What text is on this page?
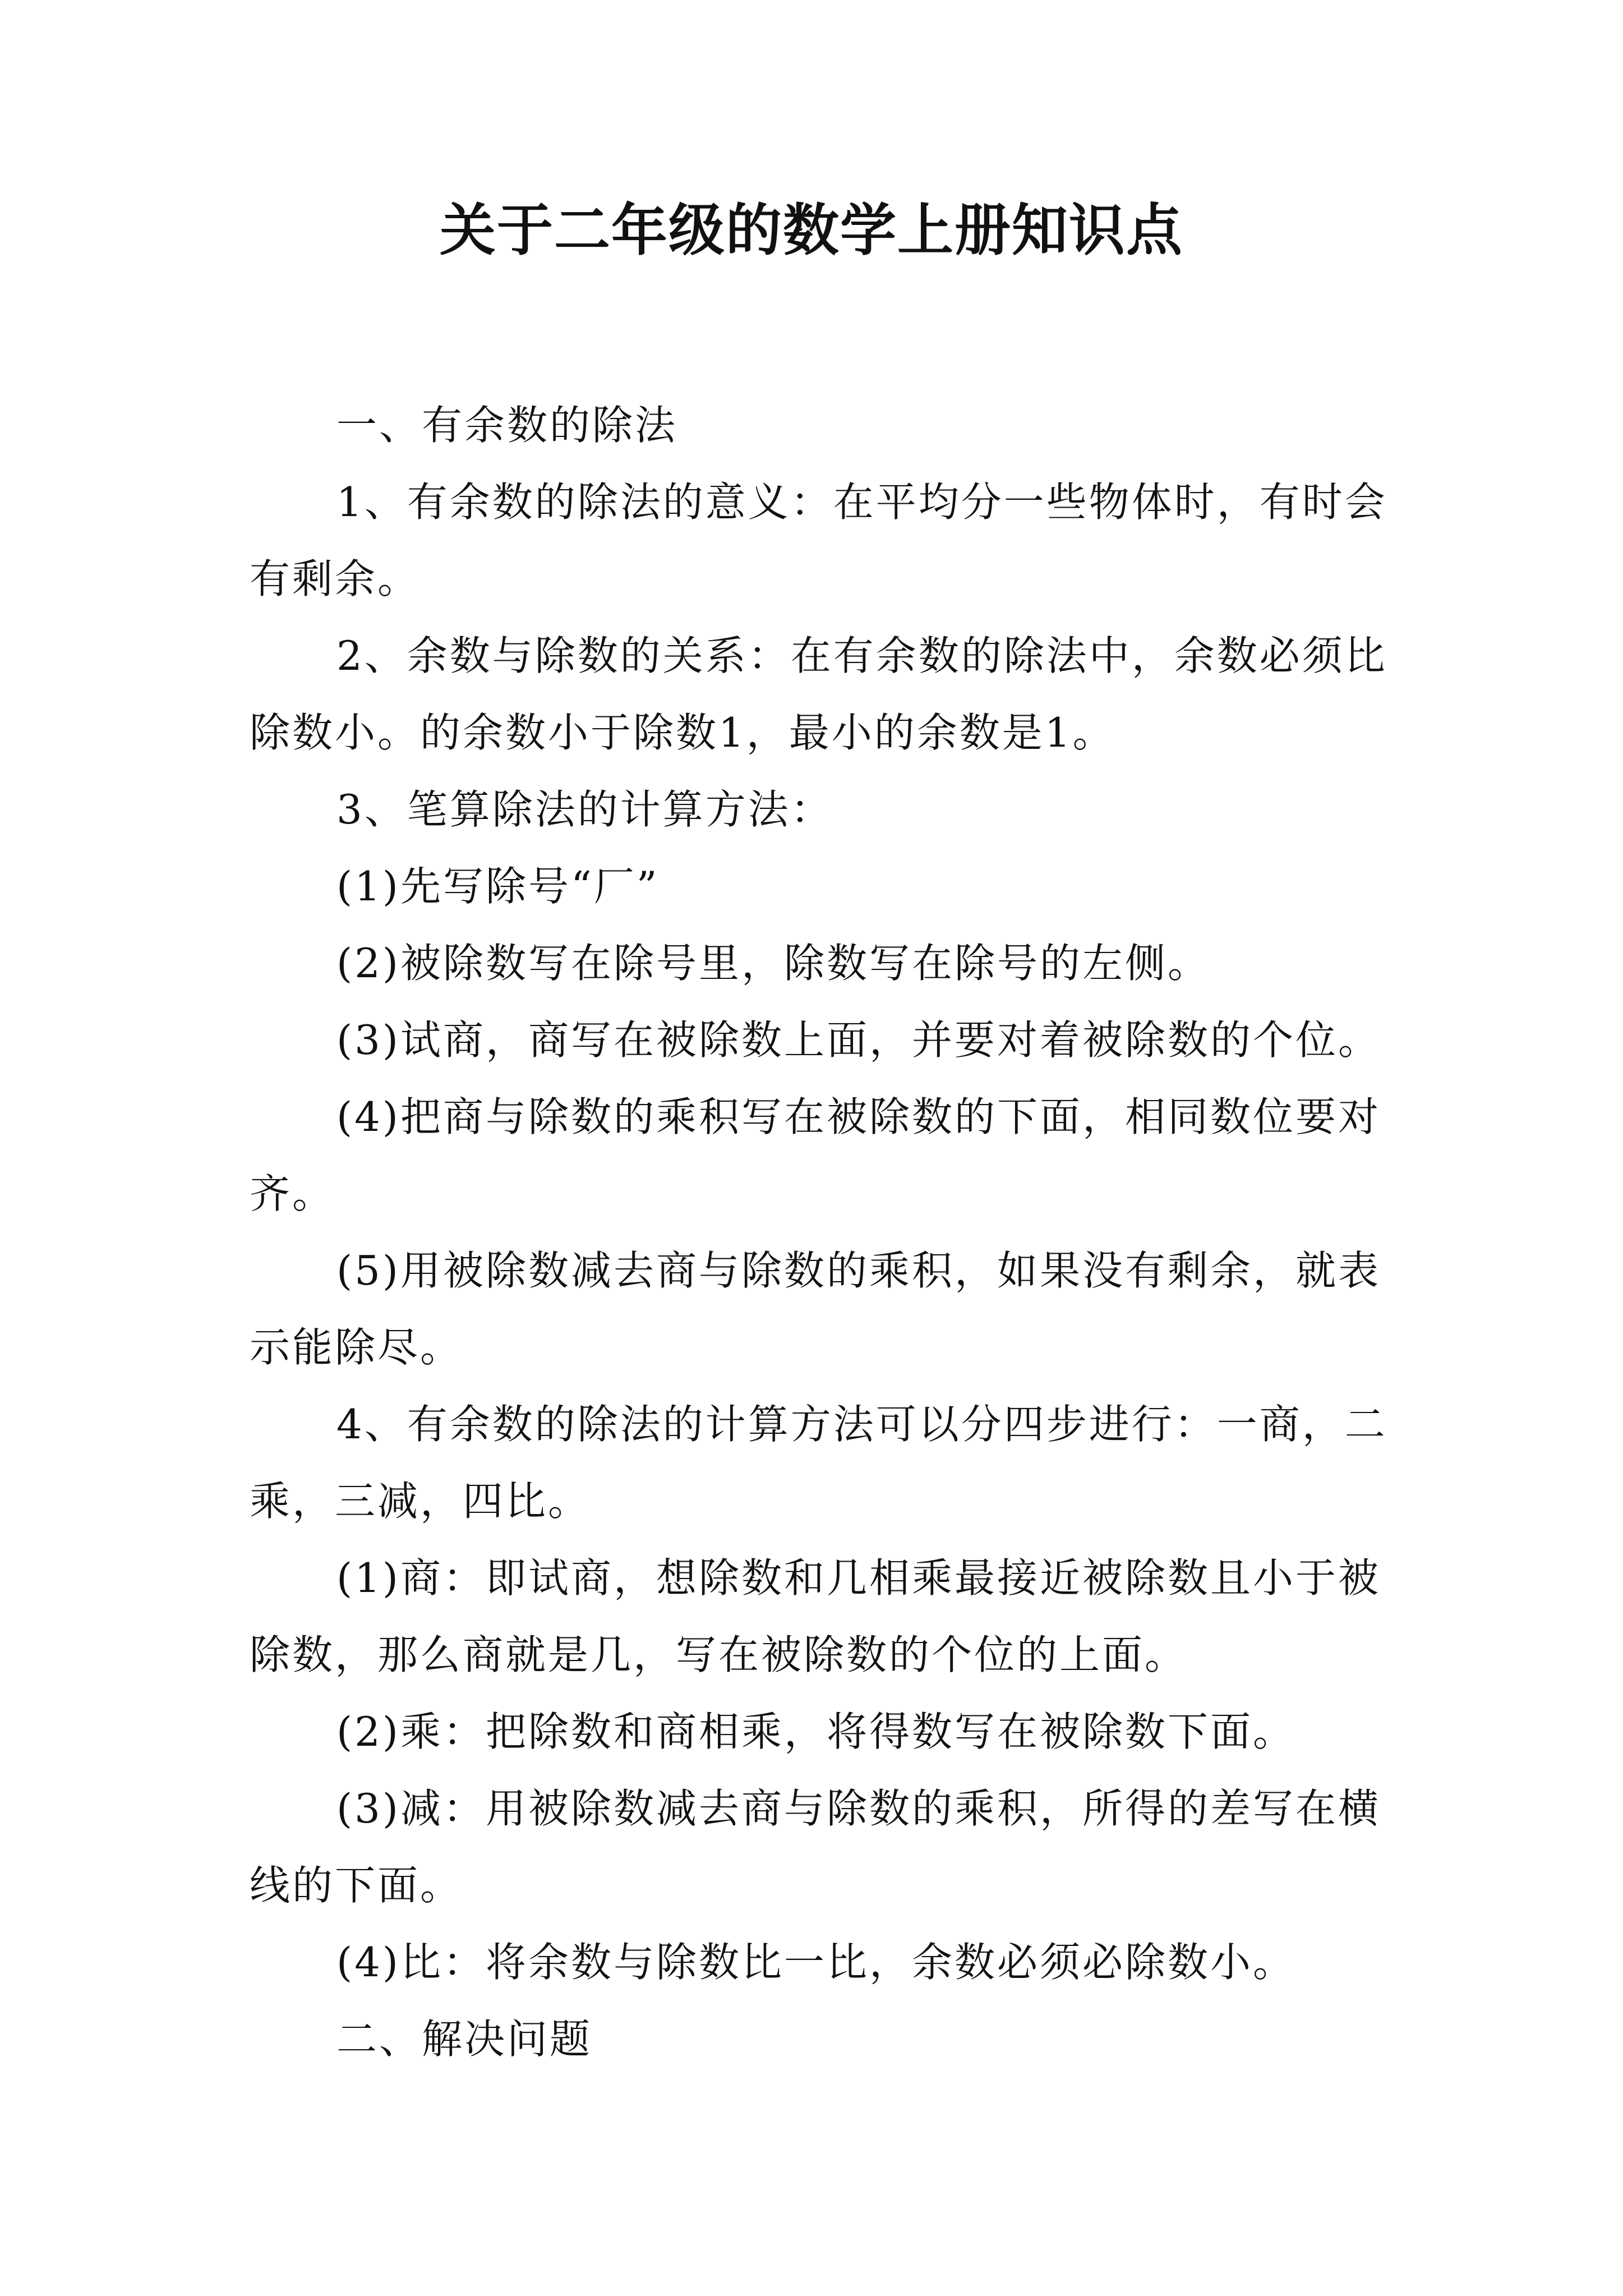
关于二年级的数学上册知识点

一、有余数的除法

1、有余数的除法的意义：在平均分一些物体时，有时会有剩余。

2、余数与除数的关系：在有余数的除法中，余数必须比除数小。的余数小于除数1，最小的余数是1。

3、笔算除法的计算方法：

(1)先写除号“厂”

(2)被除数写在除号里，除数写在除号的左侧。

(3)试商，商写在被除数上面，并要对着被除数的个位。

(4)把商与除数的乘积写在被除数的下面，相同数位要对齐。

(5)用被除数减去商与除数的乘积，如果没有剩余，就表示能除尽。

4、有余数的除法的计算方法可以分四步进行：一商，二乘，三减，四比。

(1)商：即试商，想除数和几相乘最接近被除数且小于被除数，那么商就是几，写在被除数的个位的上面。

(2)乘：把除数和商相乘，将得数写在被除数下面。

(3)减：用被除数减去商与除数的乘积，所得的差写在横线的下面。

(4)比：将余数与除数比一比，余数必须必除数小。

二、解决问题
